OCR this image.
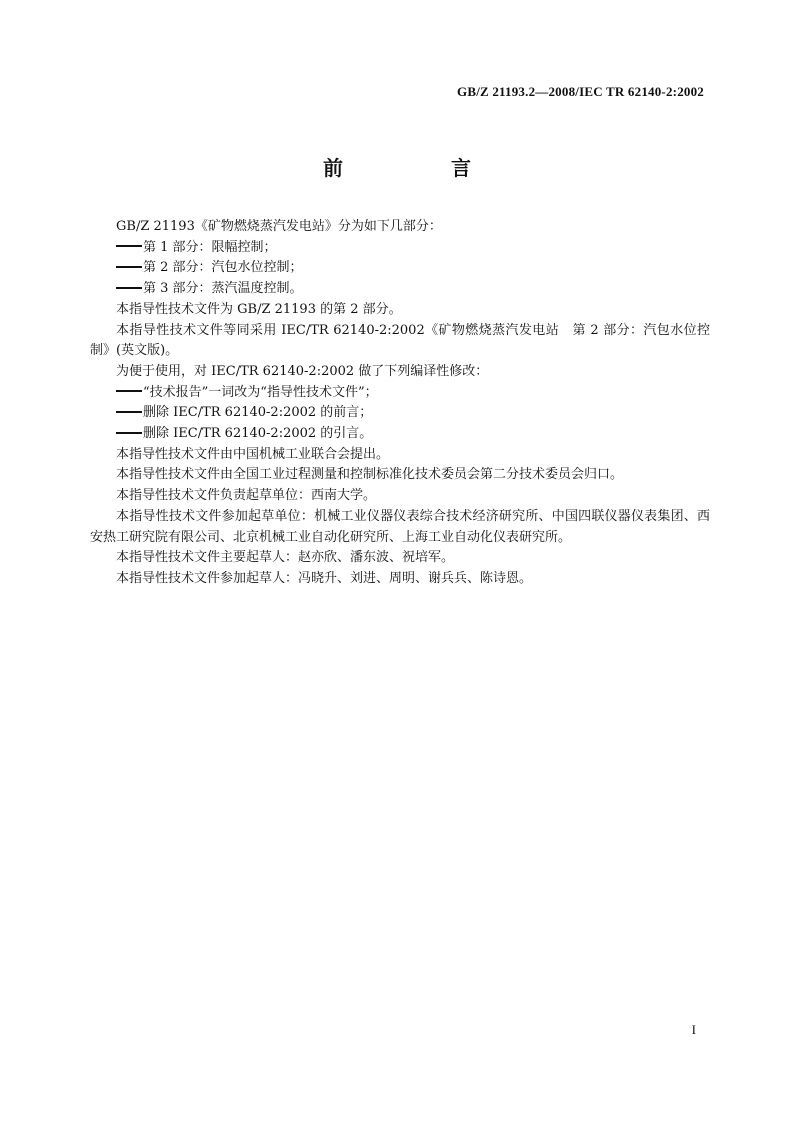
GB/Z 21193.2—2008/IEC TR 62140-2:2002
前　言

GB/Z 21193《矿物燃烧蒸汽发电站》分为如下几部分：

第 1 部分：限幅控制；

第 2 部分：汽包水位控制；

第 3 部分：蒸汽温度控制。

本指导性技术文件为 GB/Z 21193 的第 2 部分。

本指导性技术文件等同采用 IEC/TR 62140-2:2002《矿物燃烧蒸汽发电站　第 2 部分：汽包水位控制》(英文版)。

为便于使用，对 IEC/TR 62140-2:2002 做了下列编译性修改：

“技术报告”一词改为“指导性技术文件”；

删除 IEC/TR 62140-2:2002 的前言；

删除 IEC/TR 62140-2:2002 的引言。

本指导性技术文件由中国机械工业联合会提出。

本指导性技术文件由全国工业过程测量和控制标准化技术委员会第二分技术委员会归口。

本指导性技术文件负责起草单位：西南大学。

本指导性技术文件参加起草单位：机械工业仪器仪表综合技术经济研究所、中国四联仪器仪表集团、西安热工研究院有限公司、北京机械工业自动化研究所、上海工业自动化仪表研究所。

本指导性技术文件主要起草人：赵亦欣、潘东波、祝培军。

本指导性技术文件参加起草人：冯晓升、刘进、周明、谢兵兵、陈诗恩。

I
